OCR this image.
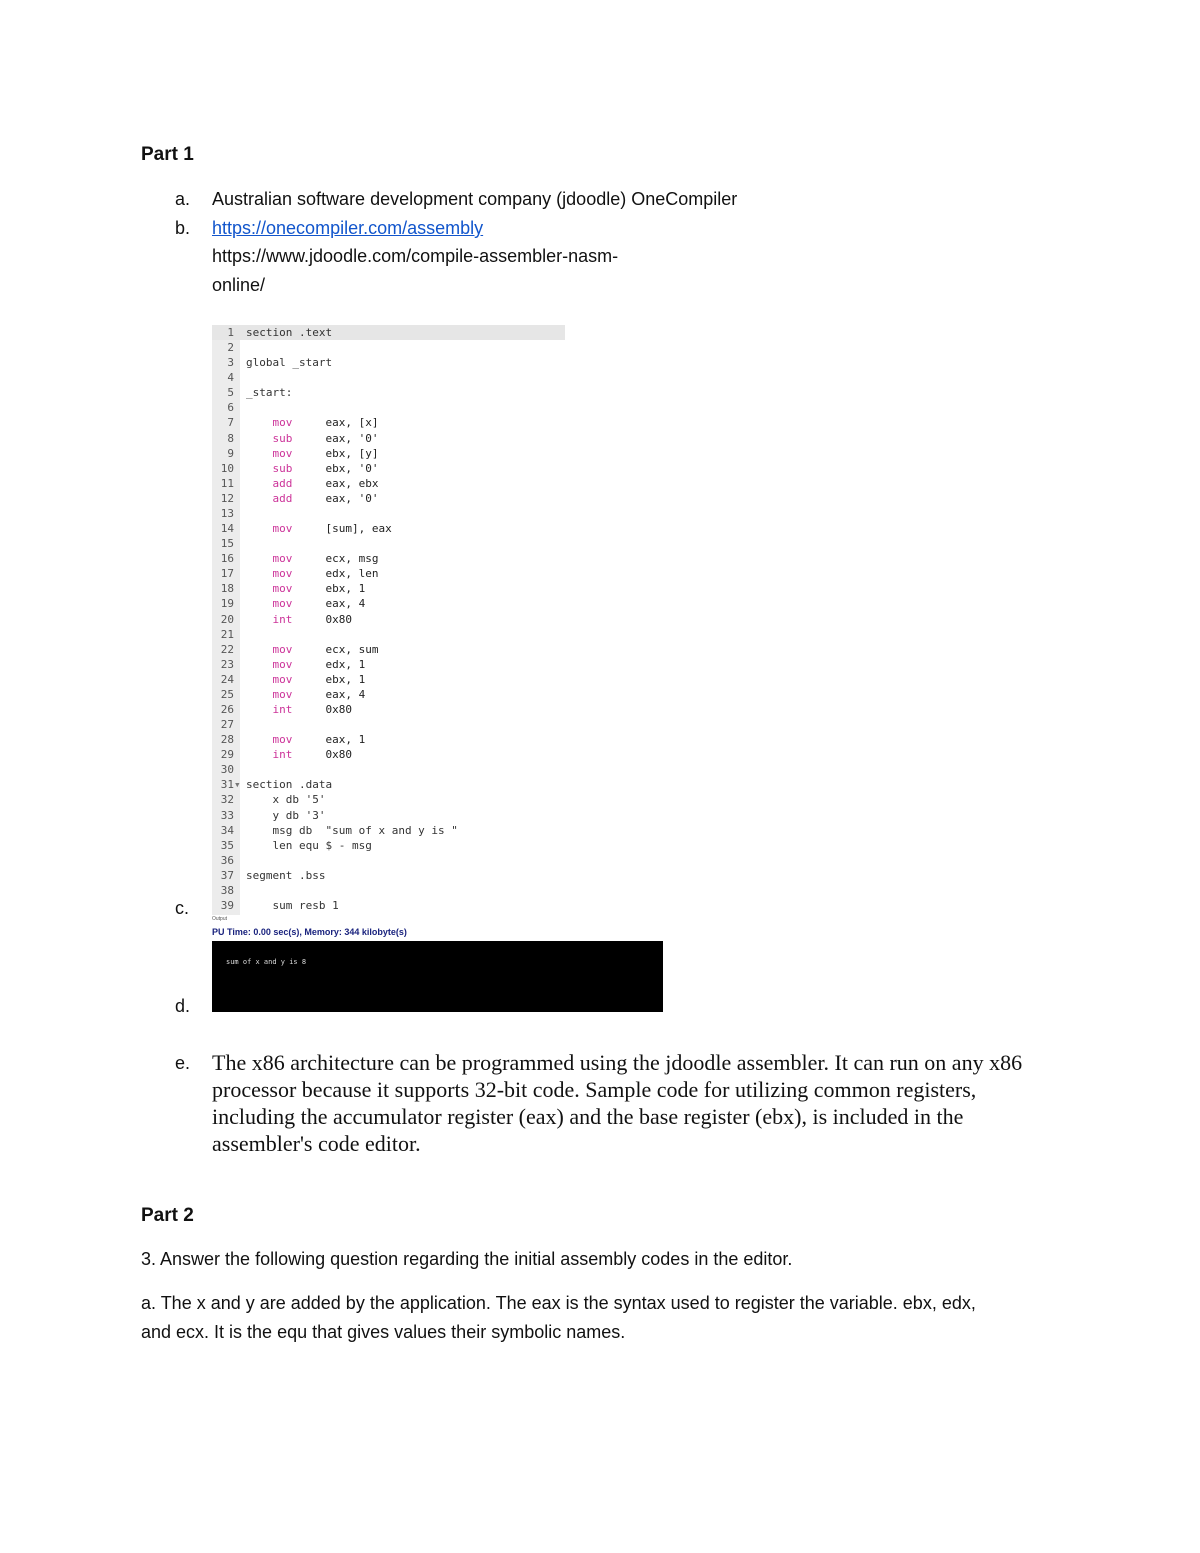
Part 1
a. Australian software development company (jdoodle) OneCompiler
b. https://onecompiler.com/assembly
https://www.jdoodle.com/compile-assembler-nasm-
online/
1 section .text
2
3 global _start
4
5 _start:
6
7 mov     eax, [x]
8 sub     eax, '0'
9 mov     ebx, [y]
10 sub     ebx, '0'
11 add     eax, ebx
12 add     eax, '0'
13
14 mov     [sum], eax
15
16 mov     ecx, msg
17 mov     edx, len
18 mov     ebx, 1
19 mov     eax, 4
20 int     0x80
21
22 mov     ecx, sum
23 mov     edx, 1
24 mov     ebx, 1
25 mov     eax, 4
26 int     0x80
27
28 mov     eax, 1
29 int     0x80
30
31 ▾ section .data
32 x db '5'
33 y db '3'
34 msg db  "sum of x and y is "
35 len equ $ - msg
36
37 segment .bss
38
39 sum resb 1
c.
Output
PU Time: 0.00 sec(s), Memory: 344 kilobyte(s)
sum of x and y is 8
d.
e. The x86 architecture can be programmed using the jdoodle assembler. It can run on any x86 processor because it supports 32-bit code. Sample code for utilizing common registers, including the accumulator register (eax) and the base register (ebx), is included in the assembler's code editor.
Part 2
3. Answer the following question regarding the initial assembly codes in the editor.
a. The x and y are added by the application. The eax is the syntax used to register the variable. ebx, edx,
and ecx. It is the equ that gives values their symbolic names.
